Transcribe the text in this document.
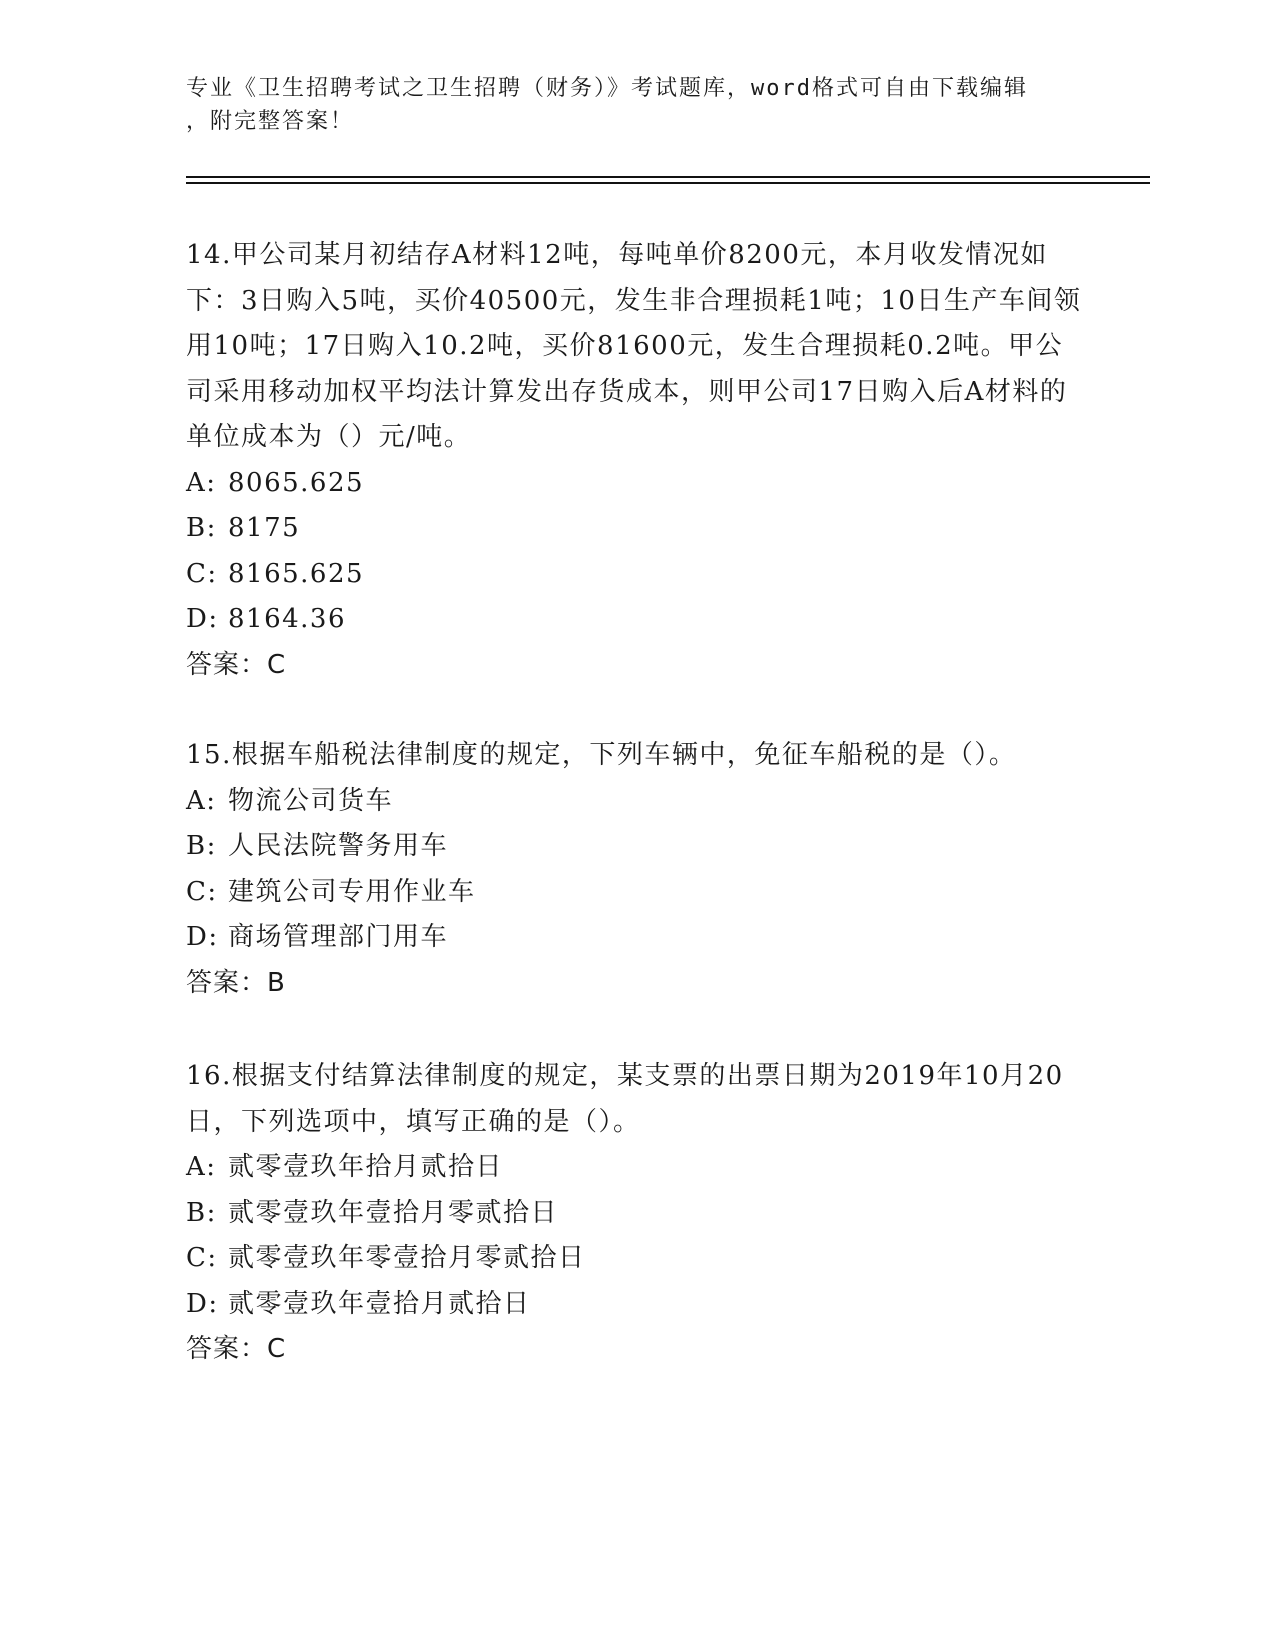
专业《卫生招聘考试之卫生招聘（财务）》考试题库，word格式可自由下载编辑
，附完整答案！

14.甲公司某月初结存A材料12吨，每吨单价8200元，本月收发情况如下：3日购入5吨，买价40500元，发生非合理损耗1吨；10日生产车间领用10吨；17日购入10.2吨，买价81600元，发生合理损耗0.2吨。甲公司采用移动加权平均法计算发出存货成本，则甲公司17日购入后A材料的单位成本为（）元/吨。

A: 8065.625
B: 8175
C: 8165.625
D: 8164.36
答案：C

15.根据车船税法律制度的规定，下列车辆中，免征车船税的是（）。

A: 物流公司货车
B: 人民法院警务用车
C: 建筑公司专用作业车
D: 商场管理部门用车
答案：B

16.根据支付结算法律制度的规定，某支票的出票日期为2019年10月20日，下列选项中，填写正确的是（）。

A: 贰零壹玖年拾月贰拾日
B: 贰零壹玖年壹拾月零贰拾日
C: 贰零壹玖年零壹拾月零贰拾日
D: 贰零壹玖年壹拾月贰拾日
答案：C
